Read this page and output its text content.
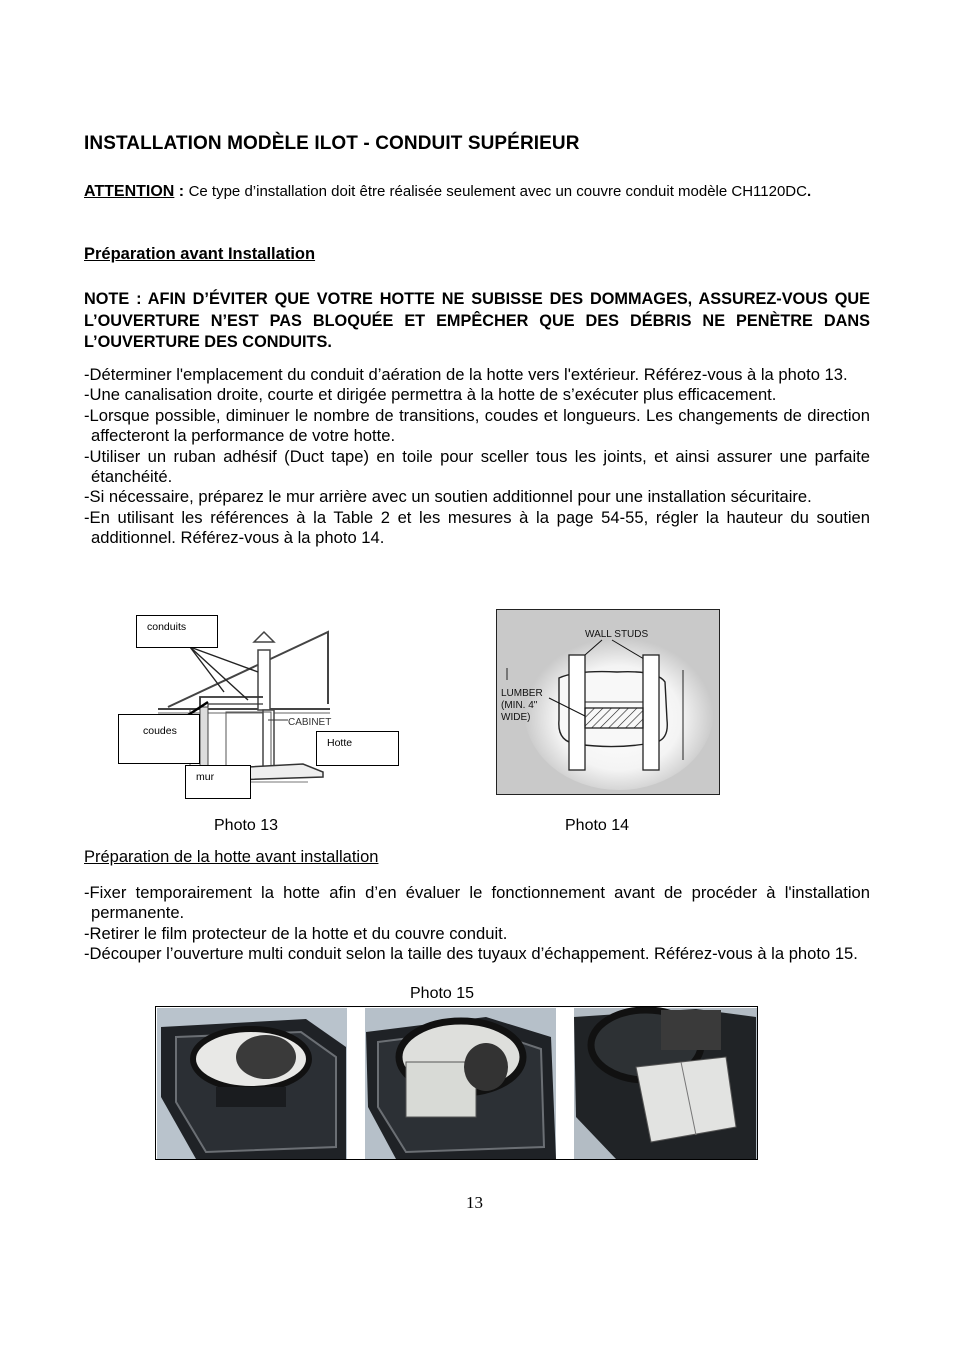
INSTALLATION MODÈLE ILOT - CONDUIT SUPÉRIEUR
ATTENTION : Ce type d’installation doit être réalisée seulement avec un couvre conduit modèle CH1120DC.
Préparation avant Installation
NOTE : AFIN D’ÉVITER QUE VOTRE HOTTE NE SUBISSE DES DOMMAGES, ASSUREZ-VOUS QUE L’OUVERTURE N’EST PAS BLOQUÉE ET EMPÊCHER QUE DES DÉBRIS NE PENÈTRE DANS L’OUVERTURE DES CONDUITS.
-Déterminer l'emplacement du conduit d’aération de la hotte vers l'extérieur. Référez-vous à la photo 13.
-Une canalisation droite, courte et dirigée permettra à la hotte de s’exécuter plus efficacement.
-Lorsque possible, diminuer le nombre de transitions, coudes et longueurs. Les changements de direction affecteront la performance de votre hotte.
-Utiliser un ruban adhésif (Duct tape) en toile pour sceller tous les joints, et ainsi assurer une parfaite étanchéité.
-Si nécessaire, préparez le mur arrière avec un soutien additionnel pour une installation sécuritaire.
-En utilisant les références à la Table 2 et les mesures à la page 54-55, régler la hauteur du soutien additionnel. Référez-vous à la photo 14.
CABINET
conduits
coudes
Hotte
mur
WALL STUDS
LUMBER
(MIN. 4"
WIDE)
Photo 13	Photo 14
Préparation de la hotte avant installation
-Fixer temporairement la hotte afin d’en évaluer le fonctionnement avant de procéder à l'installation permanente.
-Retirer le film protecteur de la hotte et du couvre conduit.
-Découper l’ouverture multi conduit selon la taille des tuyaux d’échappement. Référez-vous à la photo 15.
Photo 15
13
